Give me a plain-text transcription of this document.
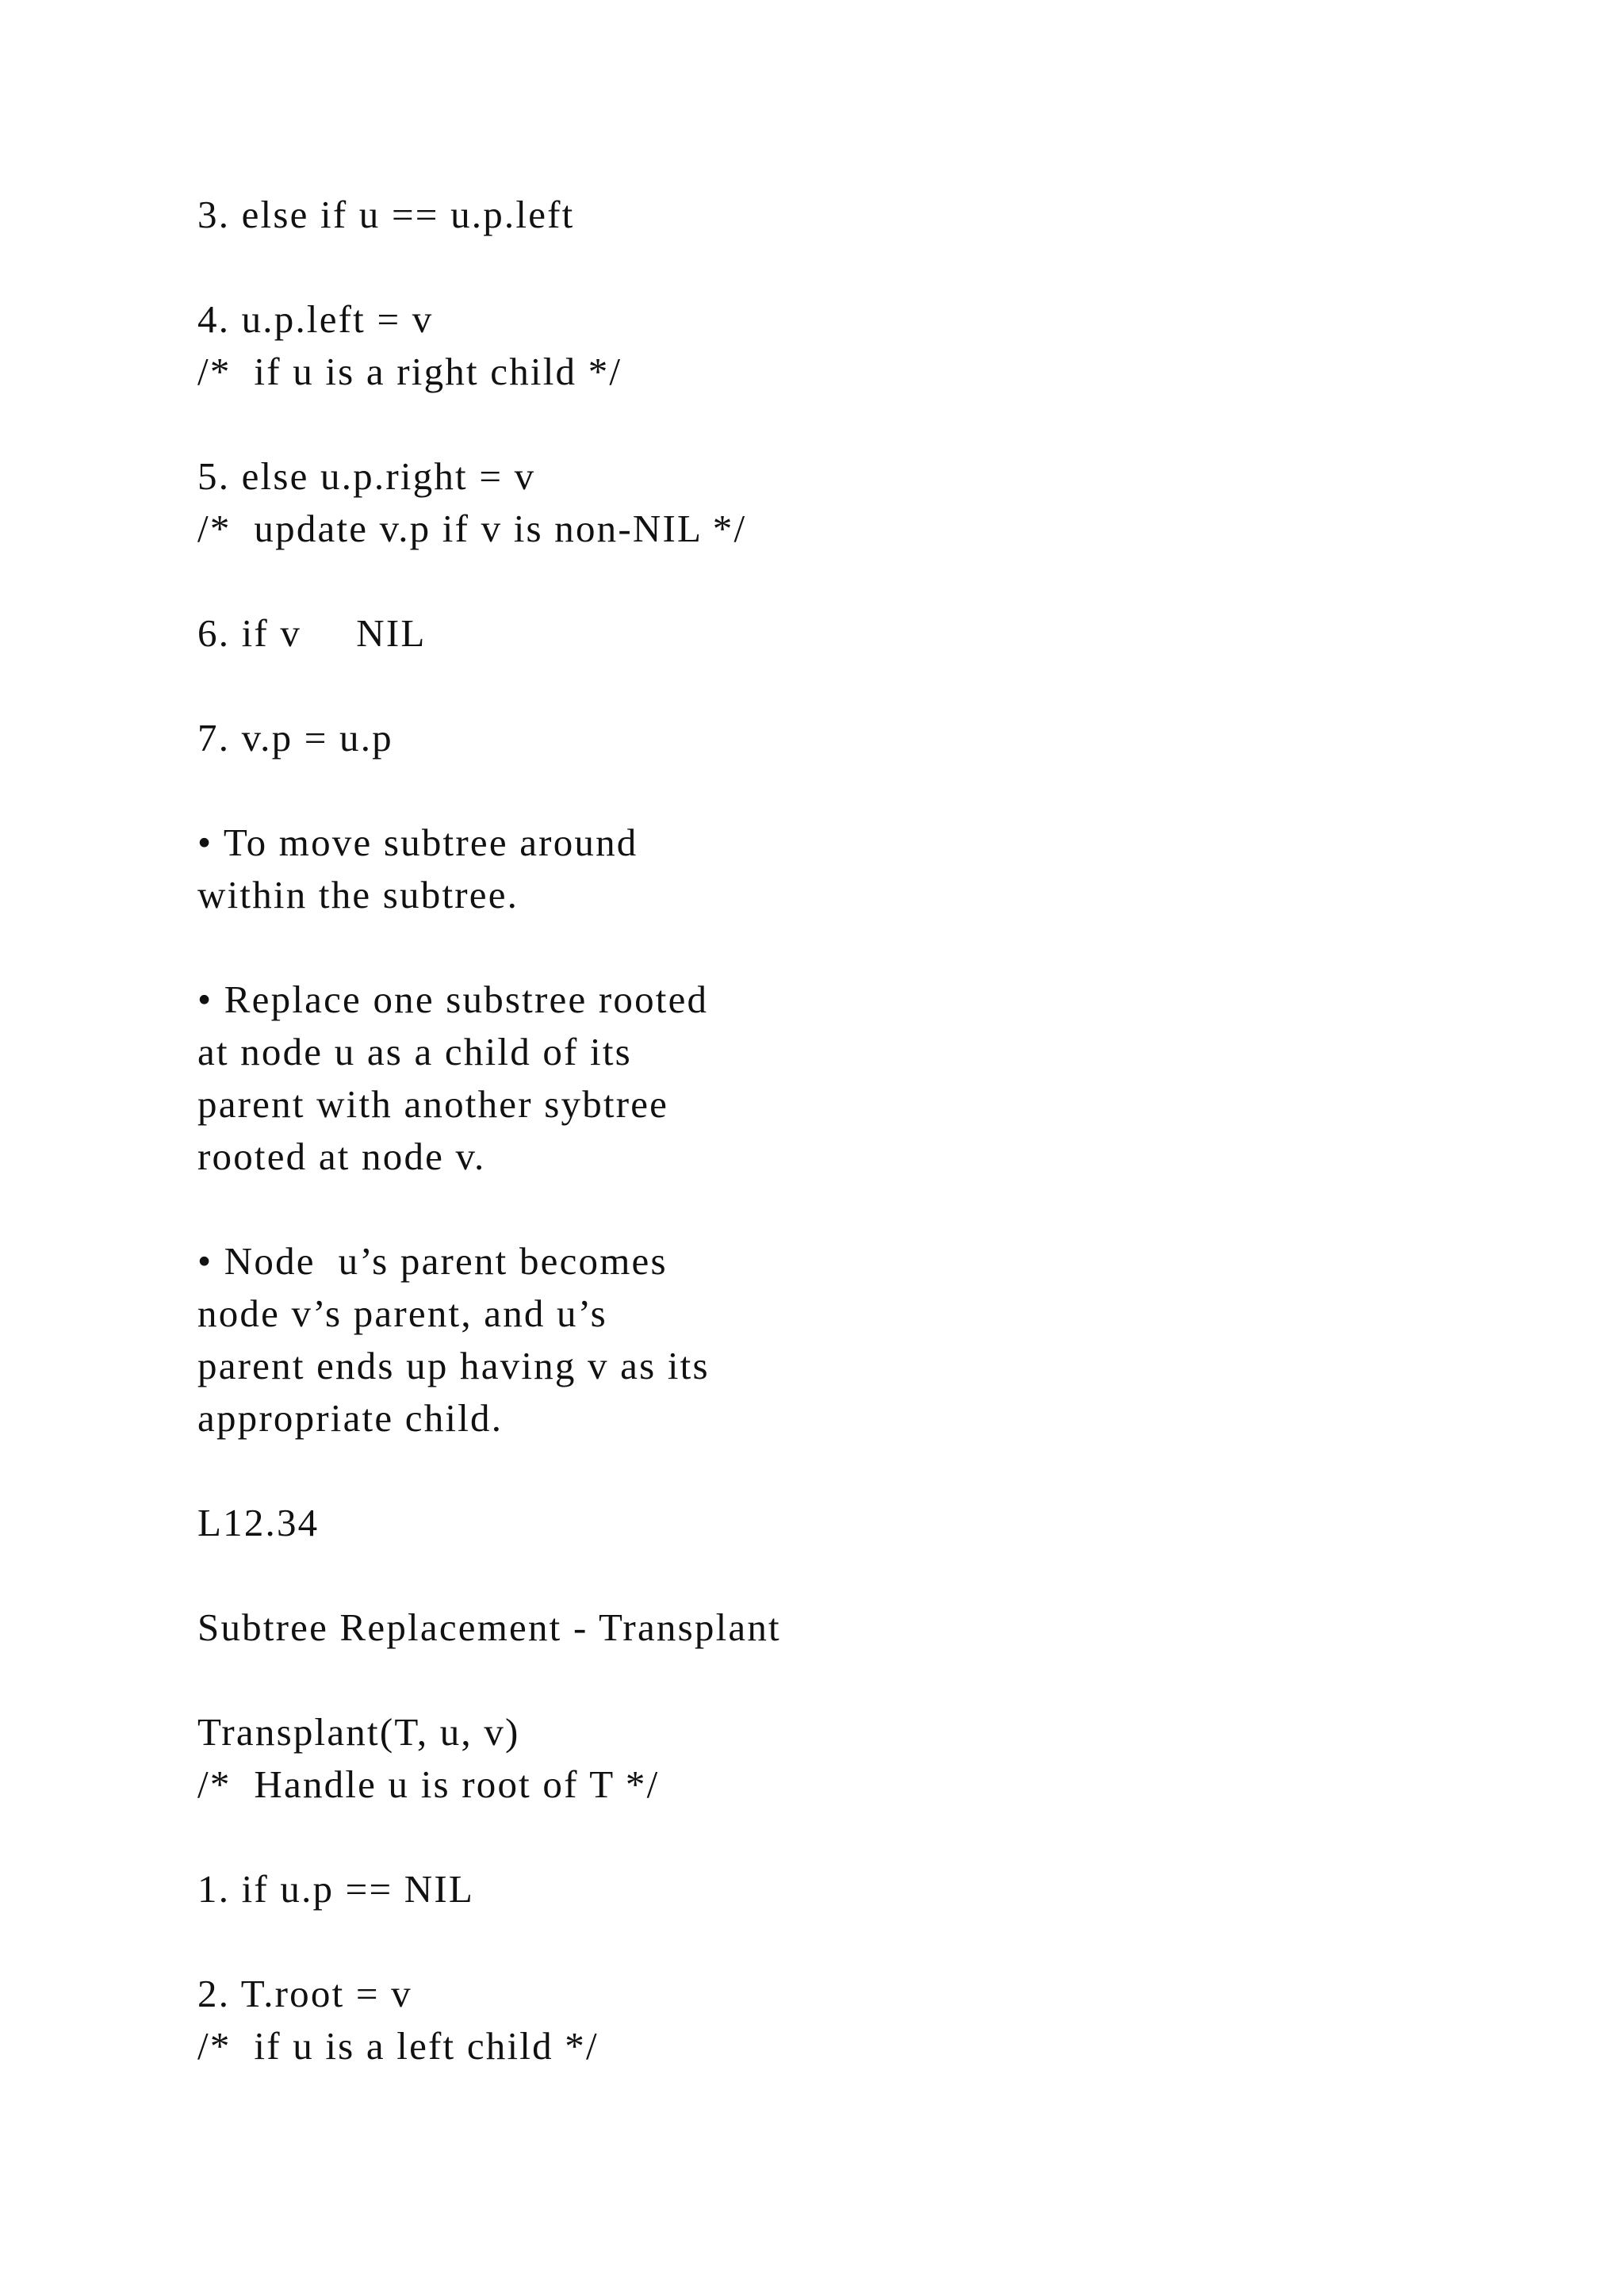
3. else if u == u.p.left
4. u.p.left = v
/*  if u is a right child */
5. else u.p.right = v
/*  update v.p if v is non-NIL */
6. if v   NIL
7. v.p = u.p
• To move subtree around
within the subtree.
• Replace one substree rooted
at node u as a child of its
parent with another sybtree
rooted at node v.
• Node  u’s parent becomes
node v’s parent, and u’s
parent ends up having v as its
appropriate child.
L12.34
Subtree Replacement - Transplant
Transplant(T, u, v)
/*  Handle u is root of T */
1. if u.p == NIL
2. T.root = v
/*  if u is a left child */
